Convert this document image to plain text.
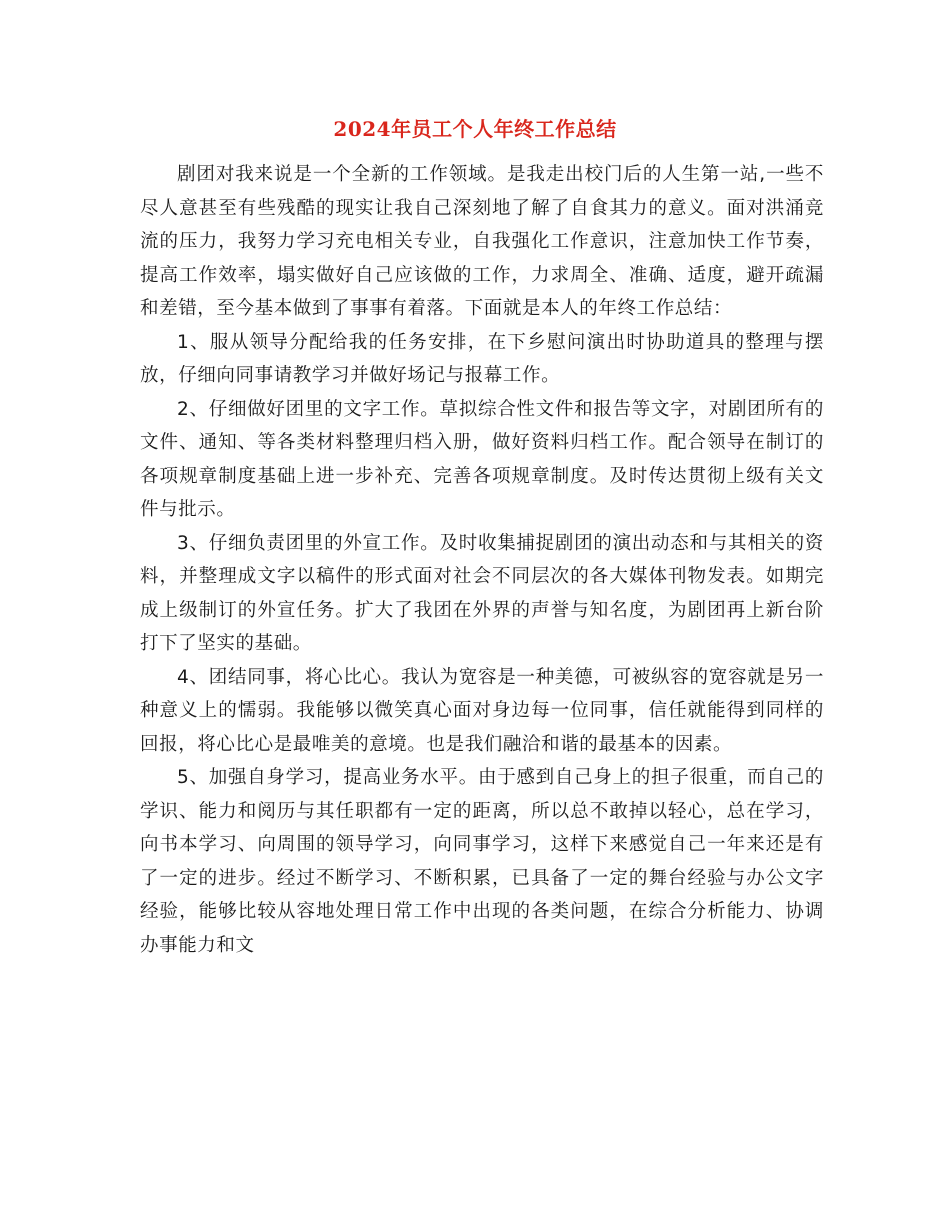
2024年员工个人年终工作总结

剧团对我来说是一个全新的工作领域。是我走出校门后的人生第一站,一些不尽人意甚至有些残酷的现实让我自己深刻地了解了自食其力的意义。面对洪涌竞流的压力，我努力学习充电相关专业，自我强化工作意识，注意加快工作节奏，提高工作效率，塌实做好自己应该做的工作，力求周全、准确、适度，避开疏漏和差错，至今基本做到了事事有着落。下面就是本人的年终工作总结：

1、服从领导分配给我的任务安排，在下乡慰问演出时协助道具的整理与摆放，仔细向同事请教学习并做好场记与报幕工作。

2、仔细做好团里的文字工作。草拟综合性文件和报告等文字，对剧团所有的文件、通知、等各类材料整理归档入册，做好资料归档工作。配合领导在制订的各项规章制度基础上进一步补充、完善各项规章制度。及时传达贯彻上级有关文件与批示。

3、仔细负责团里的外宣工作。及时收集捕捉剧团的演出动态和与其相关的资料，并整理成文字以稿件的形式面对社会不同层次的各大媒体刊物发表。如期完成上级制订的外宣任务。扩大了我团在外界的声誉与知名度，为剧团再上新台阶打下了坚实的基础。

4、团结同事，将心比心。我认为宽容是一种美德，可被纵容的宽容就是另一种意义上的懦弱。我能够以微笑真心面对身边每一位同事，信任就能得到同样的回报，将心比心是最唯美的意境。也是我们融洽和谐的最基本的因素。

5、加强自身学习，提高业务水平。由于感到自己身上的担子很重，而自己的学识、能力和阅历与其任职都有一定的距离，所以总不敢掉以轻心，总在学习，向书本学习、向周围的领导学习，向同事学习，这样下来感觉自己一年来还是有了一定的进步。经过不断学习、不断积累，已具备了一定的舞台经验与办公文字经验，能够比较从容地处理日常工作中出现的各类问题，在综合分析能力、协调办事能力和文
